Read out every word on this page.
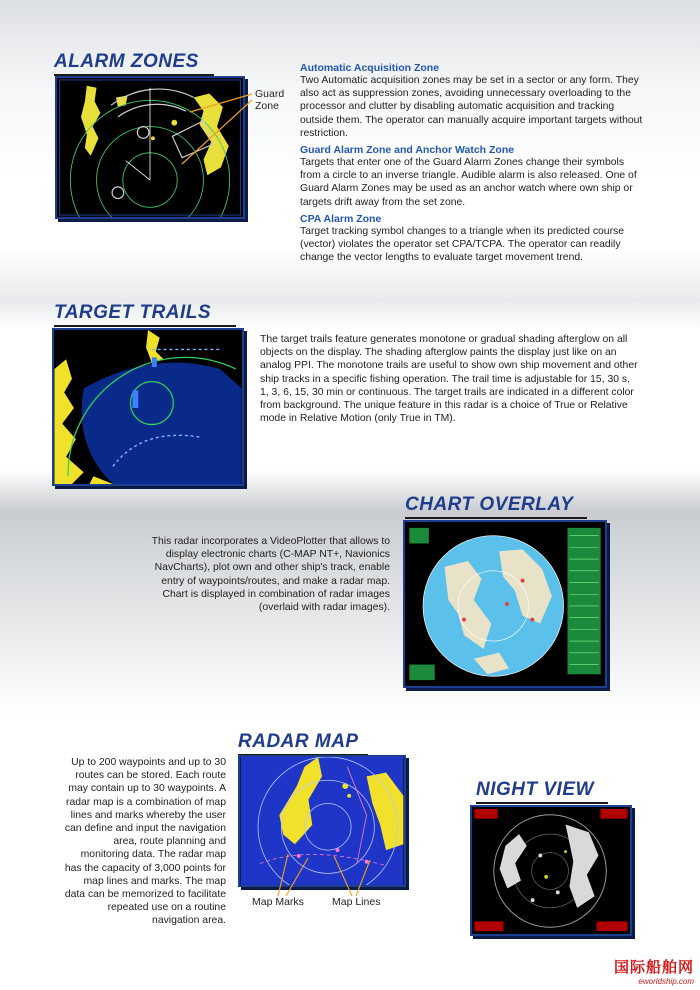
ALARM ZONES
Guard
Zone
Automatic Acquisition Zone
Two Automatic acquisition zones may be set in a sector or any form. They also act as suppression zones, avoiding unnecessary overloading to the processor and clutter by disabling automatic acquisition and tracking outside them. The operator can manually acquire important targets without restriction.
Guard Alarm Zone and Anchor Watch Zone
Targets that enter one of the Guard Alarm Zones change their symbols from a circle to an inverse triangle. Audible alarm is also released. One of Guard Alarm Zones may be used as an anchor watch where own ship or targets drift away from the set zone.
CPA Alarm Zone
Target tracking symbol changes to a triangle when its predicted course (vector) violates the operator set CPA/TCPA. The operator can readily change the vector lengths to evaluate target movement trend.
TARGET TRAILS
The target trails feature generates monotone or gradual shading afterglow on all objects on the display. The shading afterglow paints the display just like on an analog PPI. The monotone trails are useful to show own ship movement and other ship tracks in a specific fishing operation. The trail time is adjustable for 15, 30 s, 1, 3, 6, 15, 30 min or continuous. The target trails are indicated in a different color from background. The unique feature in this radar is a choice of True or Relative mode in Relative Motion (only True in TM).
CHART OVERLAY
This radar incorporates a VideoPlotter that allows to display electronic charts (C-MAP NT+, Navionics NavCharts), plot own and other ship's track, enable entry of waypoints/routes, and make a radar map. Chart is displayed in combination of radar images (overlaid with radar images).
RADAR MAP
Up to 200 waypoints and up to 30 routes can be stored. Each route may contain up to 30 waypoints. A radar map is a combination of map lines and marks whereby the user can define and input the navigation area, route planning and monitoring data. The radar map has the capacity of 3,000 points for map lines and marks. The map data can be memorized to facilitate repeated use on a routine navigation area.
Map Marks	Map Lines
NIGHT VIEW
国际船舶网
eworldship.com
